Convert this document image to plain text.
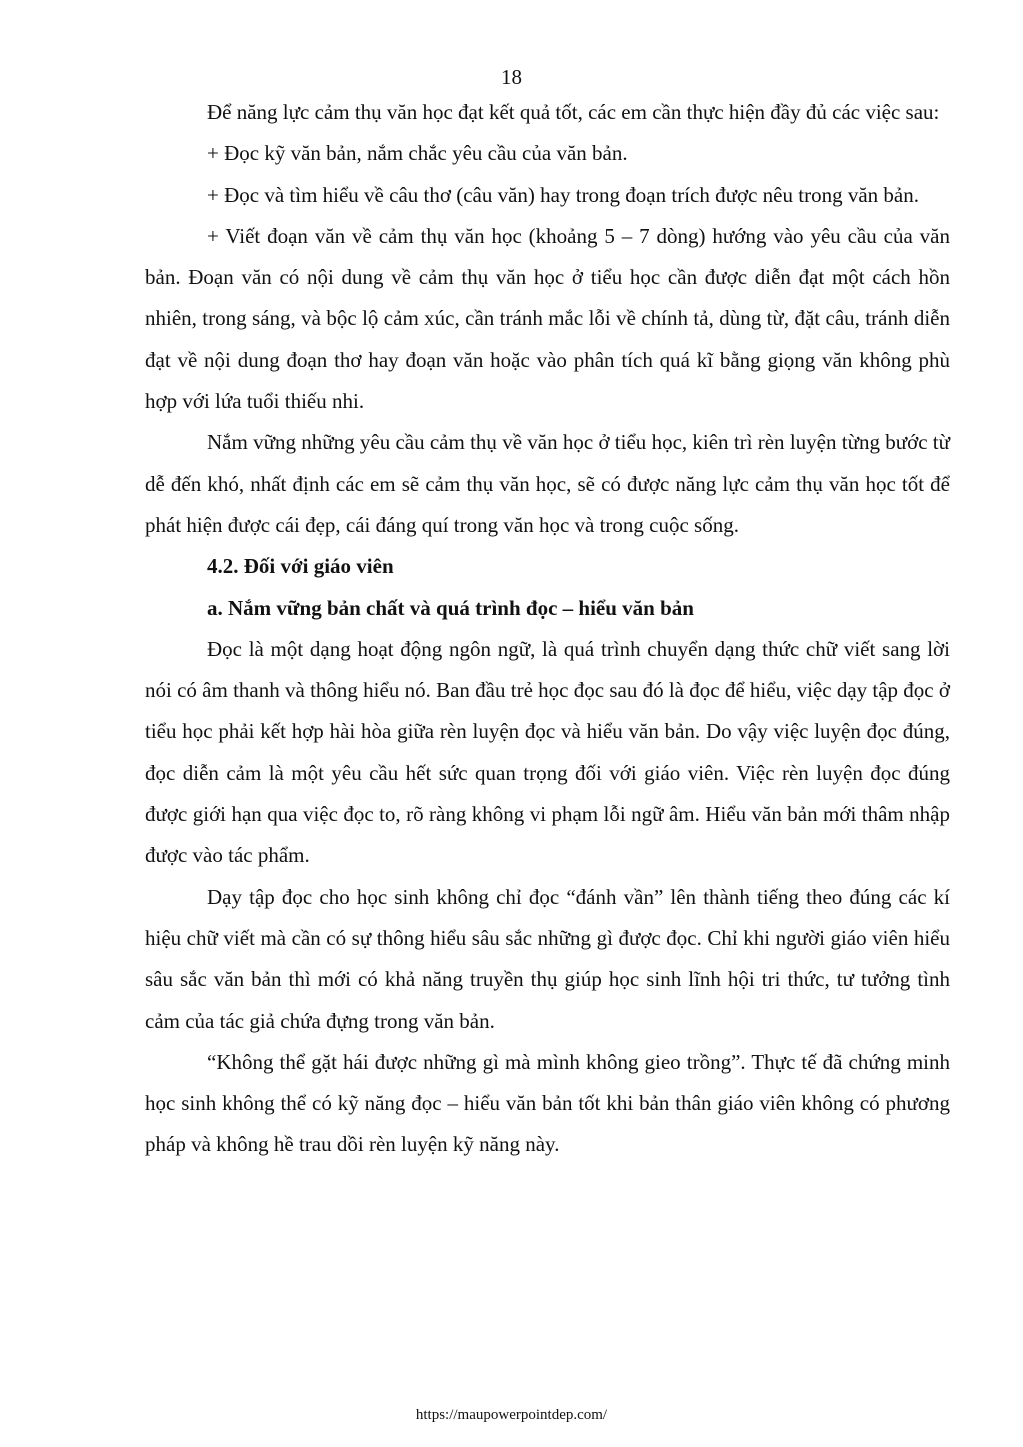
18

Để năng lực cảm thụ văn học đạt kết quả tốt, các em cần thực hiện đầy đủ các việc sau:

+ Đọc kỹ văn bản, nắm chắc yêu cầu của văn bản.

+ Đọc và tìm hiểu về câu thơ (câu văn) hay trong đoạn trích được nêu trong văn bản.

+ Viết đoạn văn về cảm thụ văn học (khoảng 5 – 7 dòng) hướng vào yêu cầu của văn bản. Đoạn văn có nội dung về cảm thụ văn học ở tiểu học cần được diễn đạt một cách hồn nhiên, trong sáng, và bộc lộ cảm xúc, cần tránh mắc lỗi về chính tả, dùng từ, đặt câu, tránh diễn đạt về nội dung đoạn thơ hay đoạn văn hoặc vào phân tích quá kĩ bằng giọng văn không phù hợp với lứa tuổi thiếu nhi.

Nắm vững những yêu cầu cảm thụ về văn học ở tiểu học, kiên trì rèn luyện từng bước từ dễ đến khó, nhất định các em sẽ cảm thụ văn học, sẽ có được năng lực cảm thụ văn học tốt để phát hiện được cái đẹp, cái đáng quí trong văn học và trong cuộc sống.

4.2. Đối với giáo viên
a. Nắm vững bản chất và quá trình đọc – hiểu văn bản

Đọc là một dạng hoạt động ngôn ngữ, là quá trình chuyển dạng thức chữ viết sang lời nói có âm thanh và thông hiểu nó. Ban đầu trẻ học đọc sau đó là đọc để hiểu, việc dạy tập đọc ở tiểu học phải kết hợp hài hòa giữa rèn luyện đọc và hiểu văn bản. Do vậy việc luyện đọc đúng, đọc diễn cảm là một yêu cầu hết sức quan trọng đối với giáo viên. Việc rèn luyện đọc đúng được giới hạn qua việc đọc to, rõ ràng không vi phạm lỗi ngữ âm. Hiểu văn bản mới thâm nhập được vào tác phẩm.

Dạy tập đọc cho học sinh không chỉ đọc “đánh vần” lên thành tiếng theo đúng các kí hiệu chữ viết mà cần có sự thông hiểu sâu sắc những gì được đọc. Chỉ khi người giáo viên hiểu sâu sắc văn bản thì mới có khả năng truyền thụ giúp học sinh lĩnh hội tri thức, tư tưởng tình cảm của tác giả chứa đựng trong văn bản.

“Không thể gặt hái được những gì mà mình không gieo trồng”. Thực tế đã chứng minh học sinh không thể có kỹ năng đọc – hiểu văn bản tốt khi bản thân giáo viên không có phương pháp và không hề trau dồi rèn luyện kỹ năng này.

https://maupowerpointdep.com/
